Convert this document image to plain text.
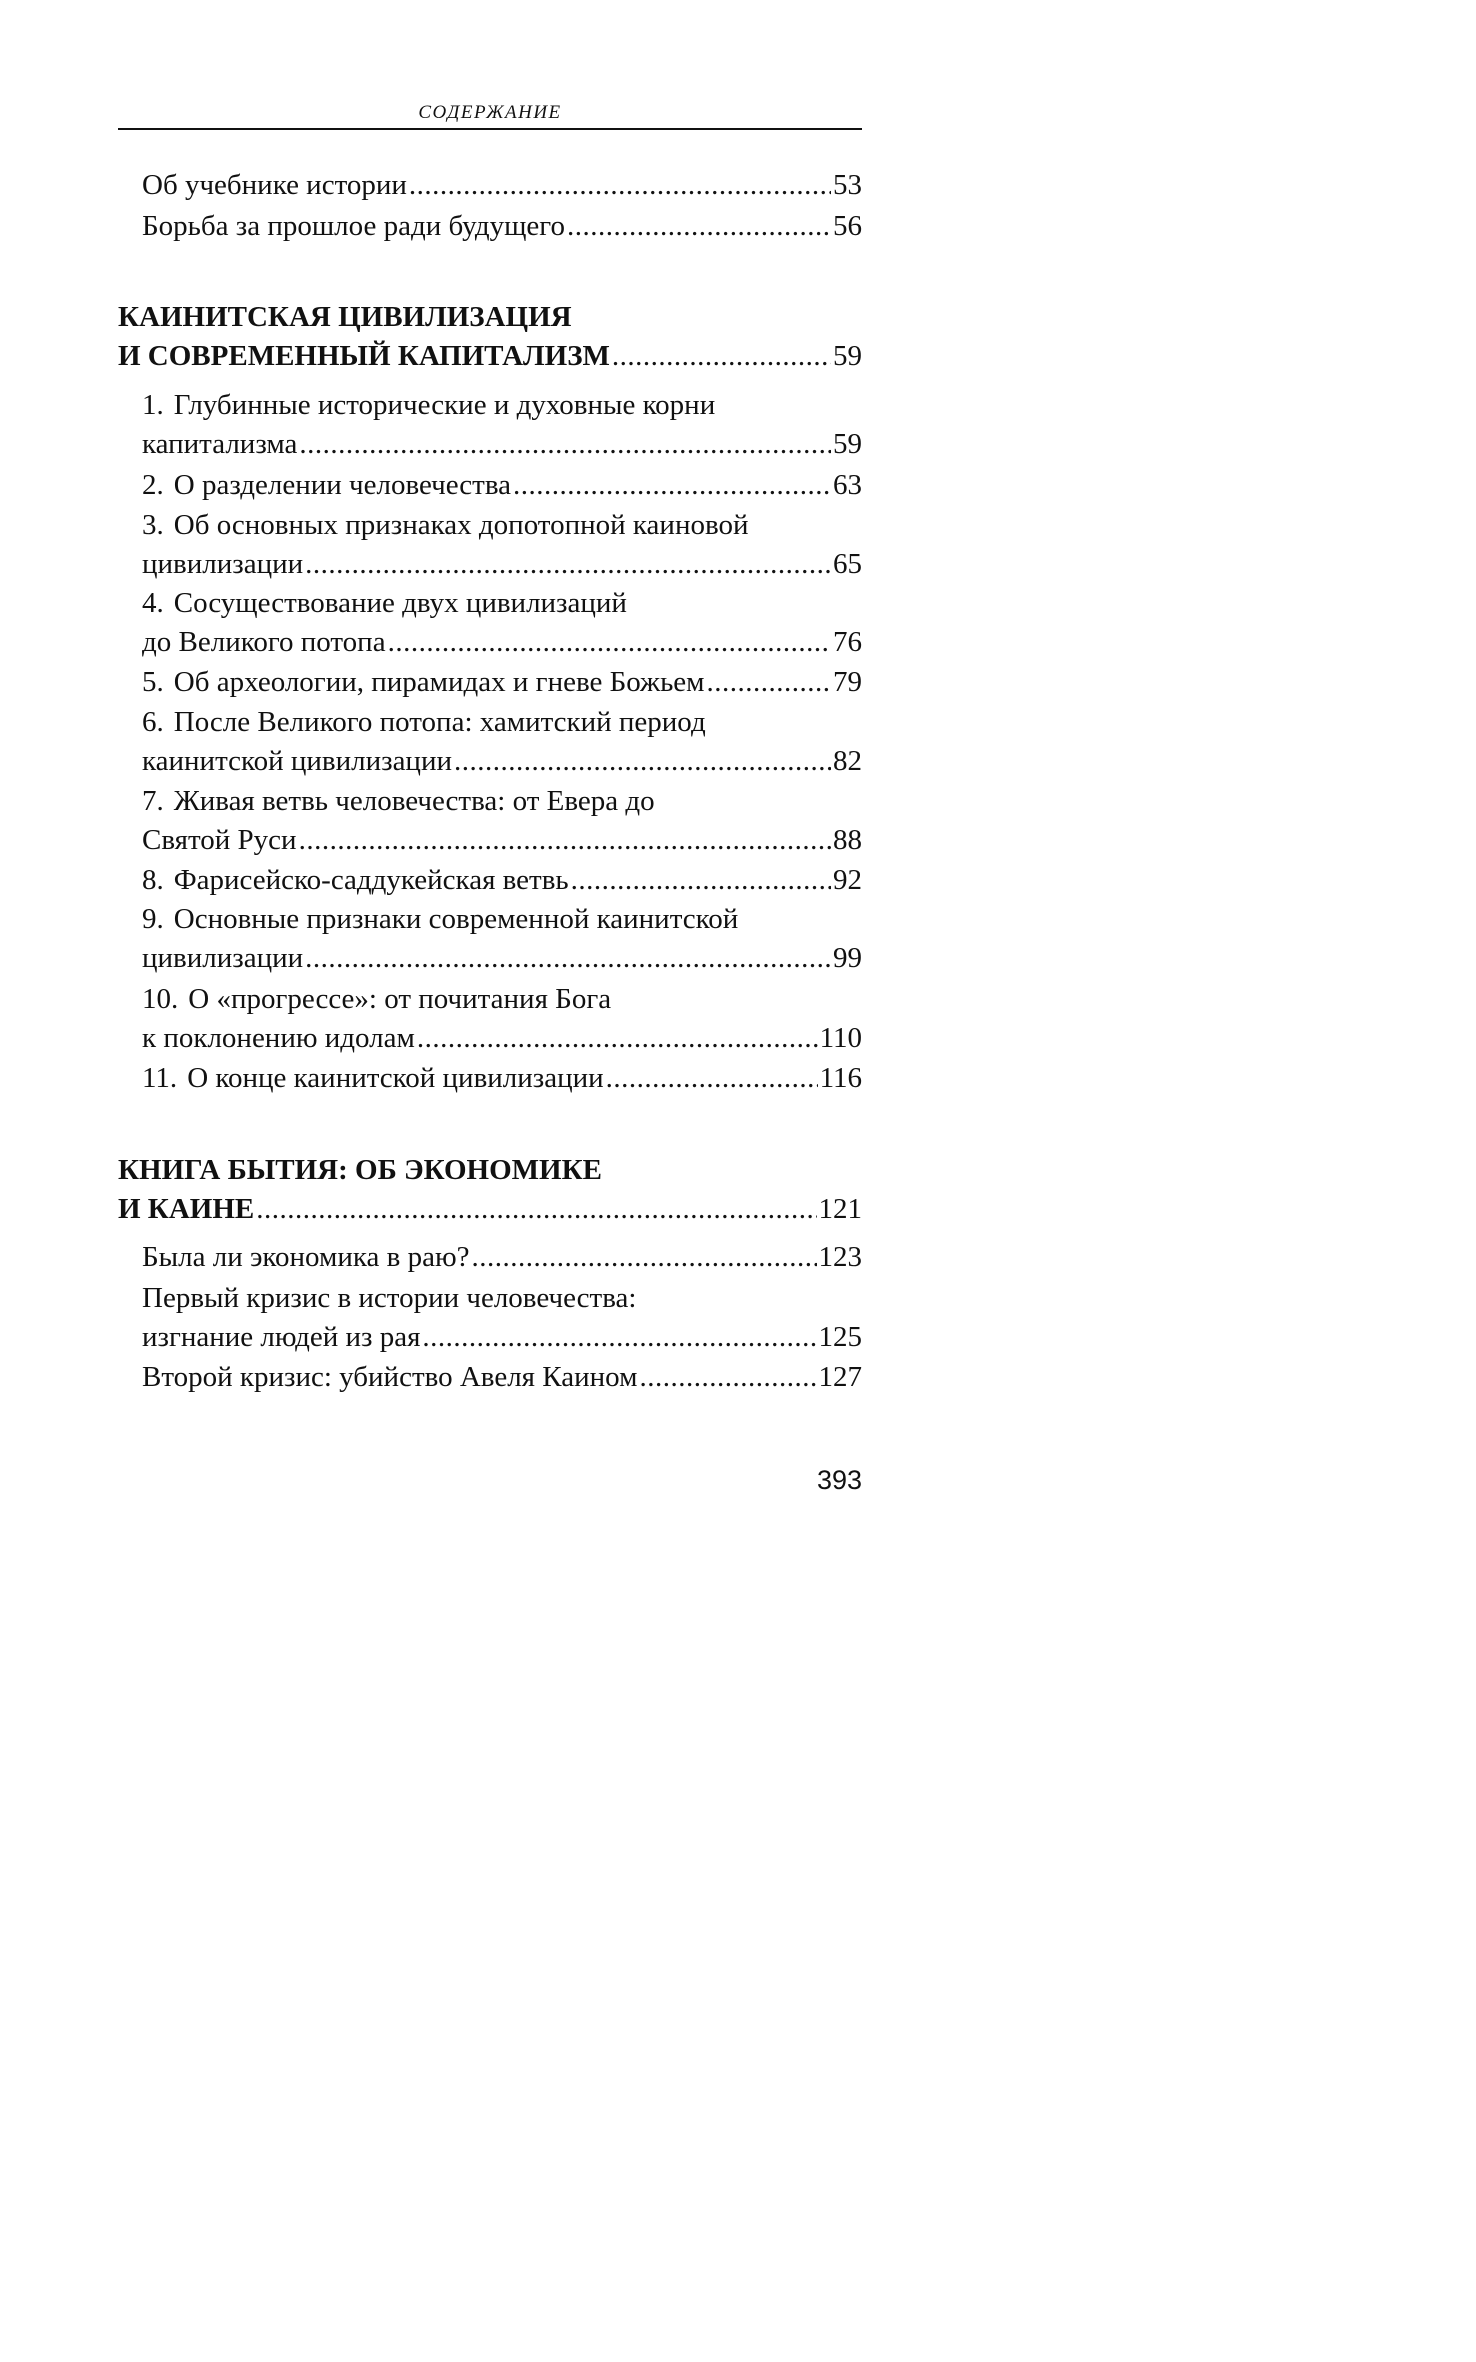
СОДЕРЖАНИЕ
Об учебнике истории .....	53
Борьба за прошлое ради будущего .....	56
КАИНИТСКАЯ ЦИВИЛИЗАЦИЯ
И СОВРЕМЕННЫЙ КАПИТАЛИЗМ .....	59
1. Глубинные исторические и духовные корни
капитализма .....	59
2. О разделении человечества .....	63
3. Об основных признаках допотопной каиновой
цивилизации .....	65
4. Сосуществование двух цивилизаций
до Великого потопа .....	76
5. Об археологии, пирамидах и гневе Божьем .....	79
6. После Великого потопа: хамитский период
каинитской цивилизации .....	82
7. Живая ветвь человечества: от Евера до
Святой Руси .....	88
8. Фарисейско-саддукейская ветвь .....	92
9. Основные признаки современной каинитской
цивилизации .....	99
10. О «прогрессе»: от почитания Бога
к поклонению идолам .....	110
11. О конце каинитской цивилизации .....	116
КНИГА БЫТИЯ: ОБ ЭКОНОМИКЕ
И КАИНЕ .....	121
Была ли экономика в раю? .....	123
Первый кризис в истории человечества:
изгнание людей из рая .....	125
Второй кризис: убийство Авеля Каином .....	127
393
